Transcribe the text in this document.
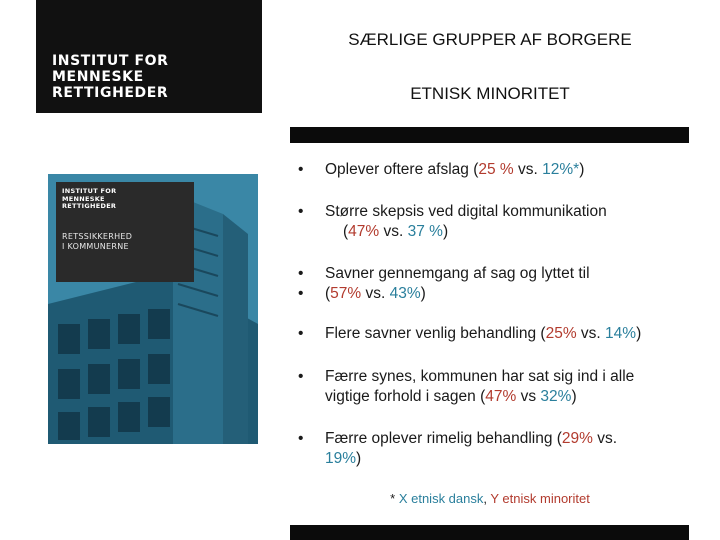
INSTITUT FOR
MENNESKE
RETTIGHEDER
SÆRLIGE GRUPPER AF BORGERE
ETNISK MINORITET
INSTITUT FOR
MENNESKE
RETTIGHEDER
RETSSIKKERHED
I KOMMUNERNE
•	Oplever oftere afslag (25 % vs. 12%*)
•	Større skepsis ved digital kommunikation
(47% vs. 37 %)
•
•
Savner gennemgang af sag og lyttet til
(57% vs. 43%)
•	Flere savner venlig behandling (25% vs. 14%)
•	Færre synes, kommunen har sat sig ind i alle
vigtige forhold i sagen (47% vs 32%)
•	Færre oplever rimelig behandling (29% vs.
19%)
* X etnisk dansk, Y etnisk minoritet
